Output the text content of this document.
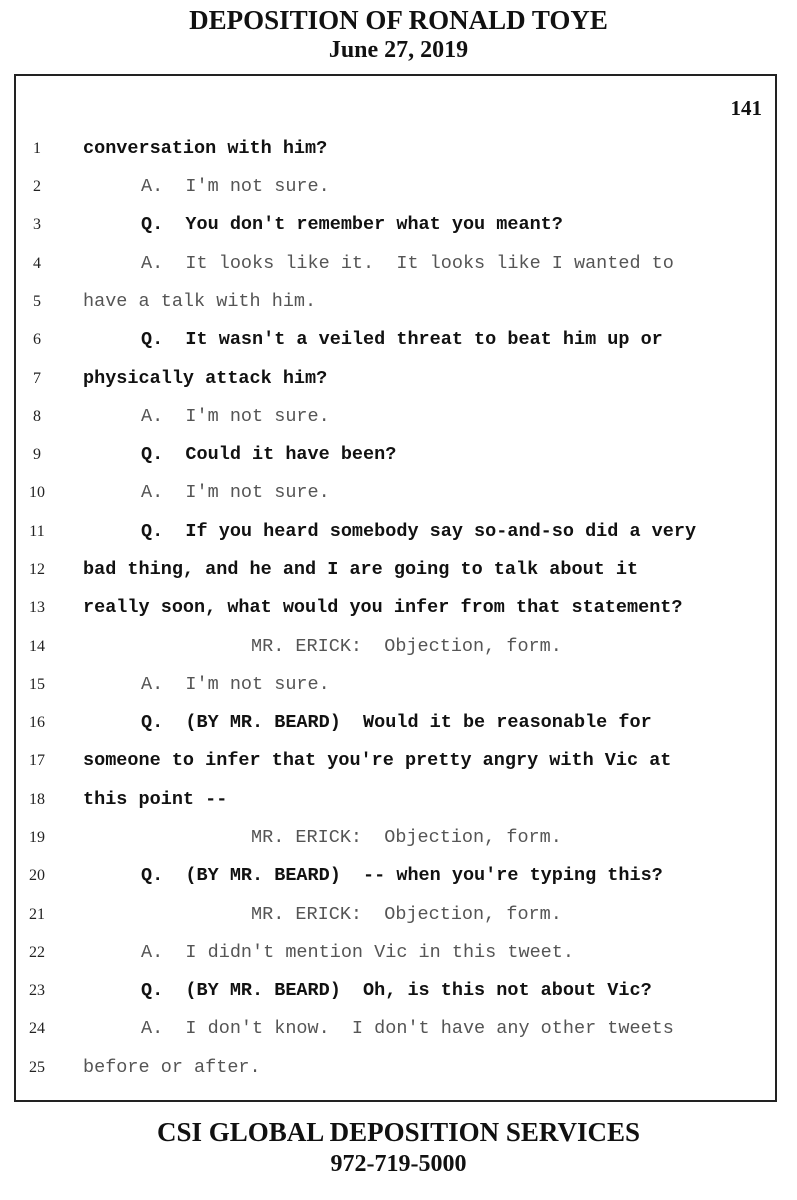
DEPOSITION OF RONALD TOYE
June 27, 2019
141
1	conversation with him?
2	A.  I'm not sure.
3	Q.  You don't remember what you meant?
4	A.  It looks like it.  It looks like I wanted to
5	have a talk with him.
6	Q.  It wasn't a veiled threat to beat him up or
7	physically attack him?
8	A.  I'm not sure.
9	Q.  Could it have been?
10	A.  I'm not sure.
11	Q.  If you heard somebody say so-and-so did a very
12	bad thing, and he and I are going to talk about it
13	really soon, what would you infer from that statement?
14	MR. ERICK:  Objection, form.
15	A.  I'm not sure.
16	Q.  (BY MR. BEARD)  Would it be reasonable for
17	someone to infer that you're pretty angry with Vic at
18	this point --
19	MR. ERICK:  Objection, form.
20	Q.  (BY MR. BEARD)  -- when you're typing this?
21	MR. ERICK:  Objection, form.
22	A.  I didn't mention Vic in this tweet.
23	Q.  (BY MR. BEARD)  Oh, is this not about Vic?
24	A.  I don't know.  I don't have any other tweets
25	before or after.
CSI GLOBAL DEPOSITION SERVICES
972-719-5000
